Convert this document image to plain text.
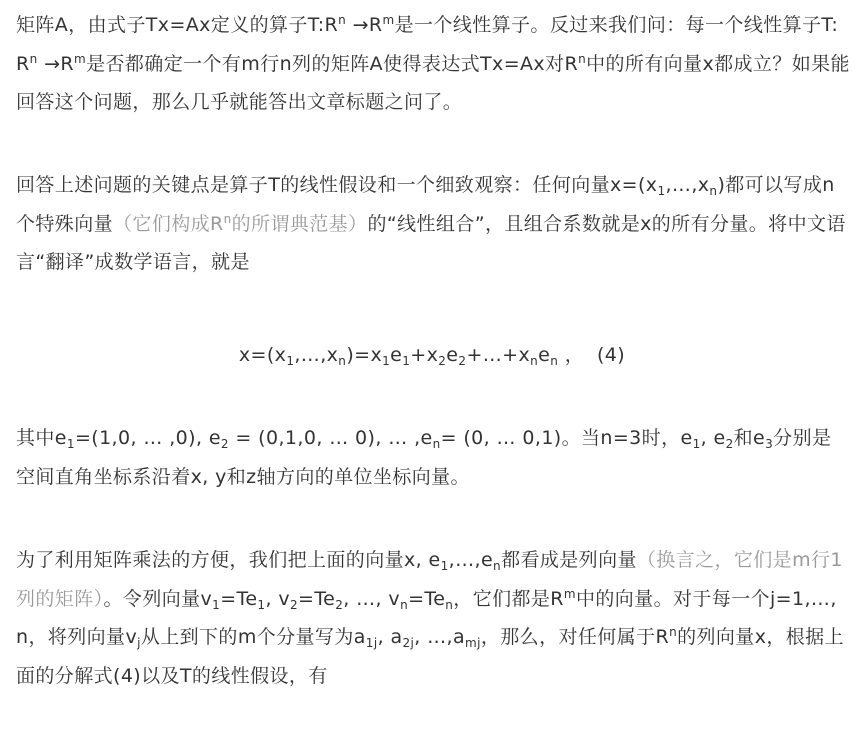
矩阵A，由式子Tx=Ax定义的算子$T:R^n \to R^m$是一个线性算子。反过来我们问：每一个线性算子$T:R^n \to R^m$是否都确定一个有m行n列的矩阵A使得表达式Tx=Ax对$R^n$中的所有向量x都成立？如果能回答这个问题，那么几乎就能答出文章标题之问了。

回答上述问题的关键点是算子T的线性假设和一个细致观察：任何向量$x=(x_1,\dots,x_n)$都可以写成n个特殊向量（它们构成$R^n$的所谓典范基）的“线性组合”，且组合系数就是x的所有分量。将中文语言“翻译”成数学语言，就是

$x=(x_1,\dots,x_n)=x_1e_1+x_2e_2+\dots+x_ne_n$ ，  (4)

其中$e_1=(1,0$, … ,0), $e_2 = (0,1,0$, … 0), … $,e_n= (0$, … 0,1)。当n=3时，$e_1$, $e_2$和$e_3$分别是空间直角坐标系沿着x, y和z轴方向的单位坐标向量。

为了利用矩阵乘法的方便，我们把上面的向量x, $e_1,\dots,e_n$都看成是列向量（换言之，它们是m行1列的矩阵）。令列向量$v_1=Te_1$, $v_2=Te_2$, …, $v_n=Te_n$，它们都是$R^m$中的向量。对于每一个j=1,…, n，将列向量$v_j$从上到下的m个分量写为$a_{1j}$, $a_{2j}$, $\dots,a_{mj}$，那么，对任何属于$R^n$的列向量x，根据上面的分解式(4)以及T的线性假设，有
